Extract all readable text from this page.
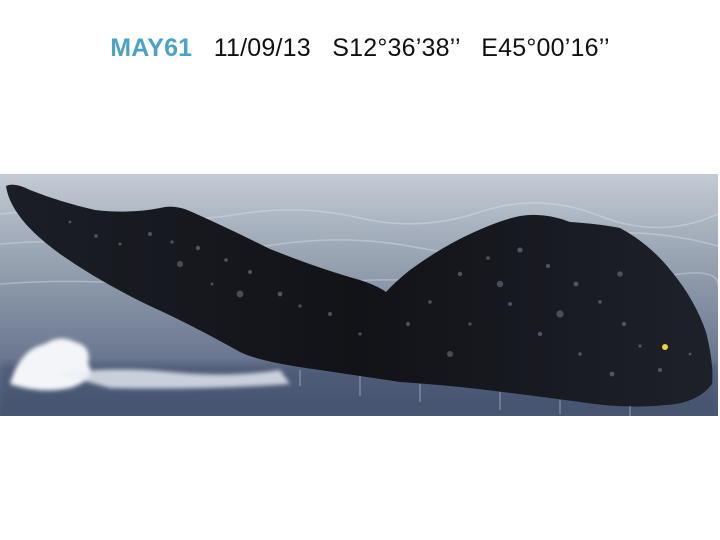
MAY61 11/09/13 S12°36’38’’ E45°00’16’’
